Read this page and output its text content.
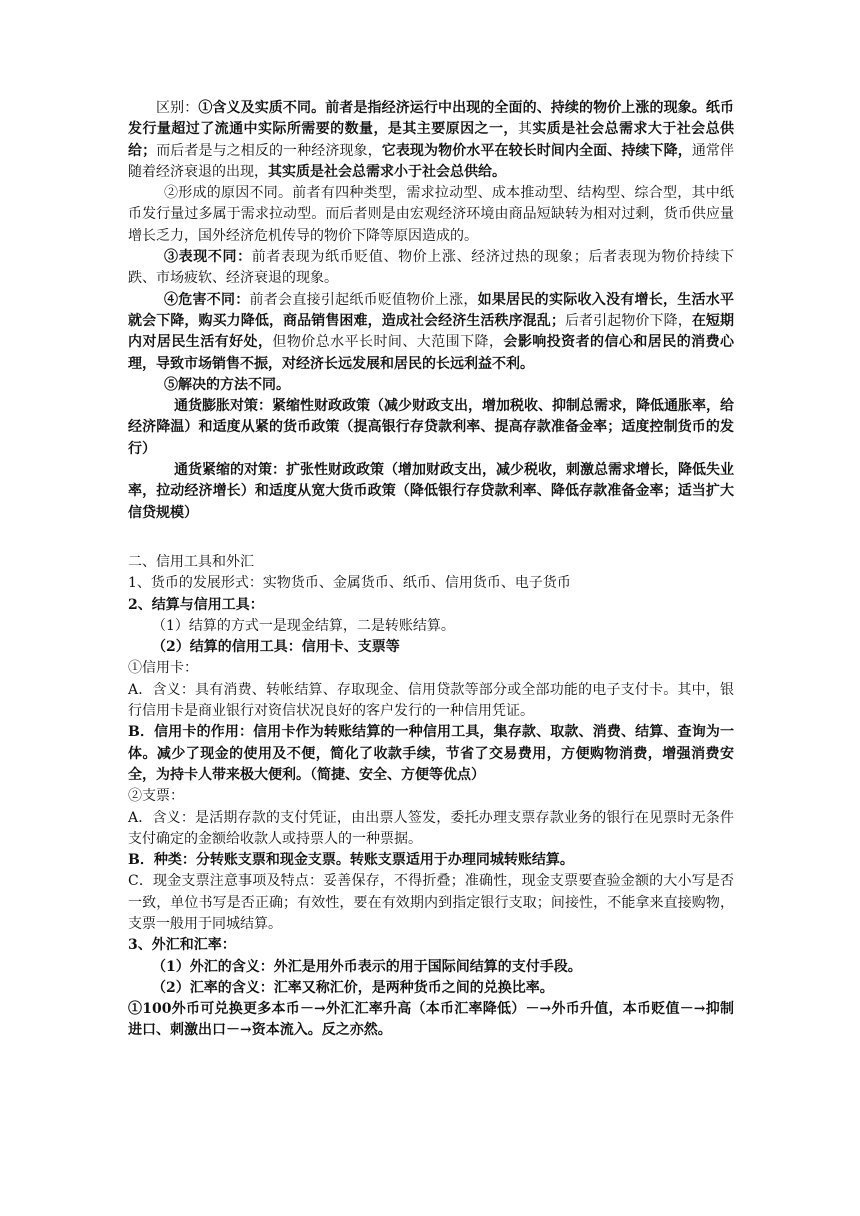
区别：①含义及实质不同。前者是指经济运行中出现的全面的、持续的物价上涨的现象。纸币发行量超过了流通中实际所需要的数量，是其主要原因之一，其实质是社会总需求大于社会总供给；而后者是与之相反的一种经济现象，它表现为物价水平在较长时间内全面、持续下降，通常伴随着经济衰退的出现，其实质是社会总需求小于社会总供给。

②形成的原因不同。前者有四种类型，需求拉动型、成本推动型、结构型、综合型，其中纸币发行量过多属于需求拉动型。而后者则是由宏观经济环境由商品短缺转为相对过剩，货币供应量增长乏力，国外经济危机传导的物价下降等原因造成的。

③表现不同：前者表现为纸币贬值、物价上涨、经济过热的现象；后者表现为物价持续下跌、市场疲软、经济衰退的现象。

④危害不同：前者会直接引起纸币贬值物价上涨，如果居民的实际收入没有增长，生活水平就会下降，购买力降低，商品销售困难，造成社会经济生活秩序混乱；后者引起物价下降，在短期内对居民生活有好处，但物价总水平长时间、大范围下降，会影响投资者的信心和居民的消费心理，导致市场销售不振，对经济长远发展和居民的长远利益不利。

⑤解决的方法不同。

通货膨胀对策：紧缩性财政政策（减少财政支出，增加税收、抑制总需求，降低通胀率，给经济降温）和适度从紧的货币政策（提高银行存贷款利率、提高存款准备金率；适度控制货币的发行）

通货紧缩的对策：扩张性财政政策（增加财政支出，减少税收，刺激总需求增长，降低失业率，拉动经济增长）和适度从宽大货币政策（降低银行存贷款利率、降低存款准备金率；适当扩大信贷规模）

二、信用工具和外汇

1、货币的发展形式：实物货币、金属货币、纸币、信用货币、电子货币

2、结算与信用工具：

（1）结算的方式一是现金结算，二是转账结算。

（2）结算的信用工具：信用卡、支票等

①信用卡：

A．含义：具有消费、转帐结算、存取现金、信用贷款等部分或全部功能的电子支付卡。其中，银行信用卡是商业银行对资信状况良好的客户发行的一种信用凭证。

B．信用卡的作用：信用卡作为转账结算的一种信用工具，集存款、取款、消费、结算、查询为一体。减少了现金的使用及不便，简化了收款手续，节省了交易费用，方便购物消费，增强消费安全，为持卡人带来极大便利。（简捷、安全、方便等优点）

②支票：

A．含义：是活期存款的支付凭证，由出票人签发，委托办理支票存款业务的银行在见票时无条件支付确定的金额给收款人或持票人的一种票据。

B．种类：分转账支票和现金支票。转账支票适用于办理同城转账结算。

C．现金支票注意事项及特点：妥善保存，不得折叠；准确性，现金支票要查验金额的大小写是否一致，单位书写是否正确；有效性，要在有效期内到指定银行支取；间接性，不能拿来直接购物，支票一般用于同城结算。

3、外汇和汇率：

（1）外汇的含义：外汇是用外币表示的用于国际间结算的支付手段。

（2）汇率的含义：汇率又称汇价，是两种货币之间的兑换比率。

①100外币可兑换更多本币－→外汇汇率升高（本币汇率降低）－→外币升值，本币贬值－→抑制进口、刺激出口－→资本流入。反之亦然。
